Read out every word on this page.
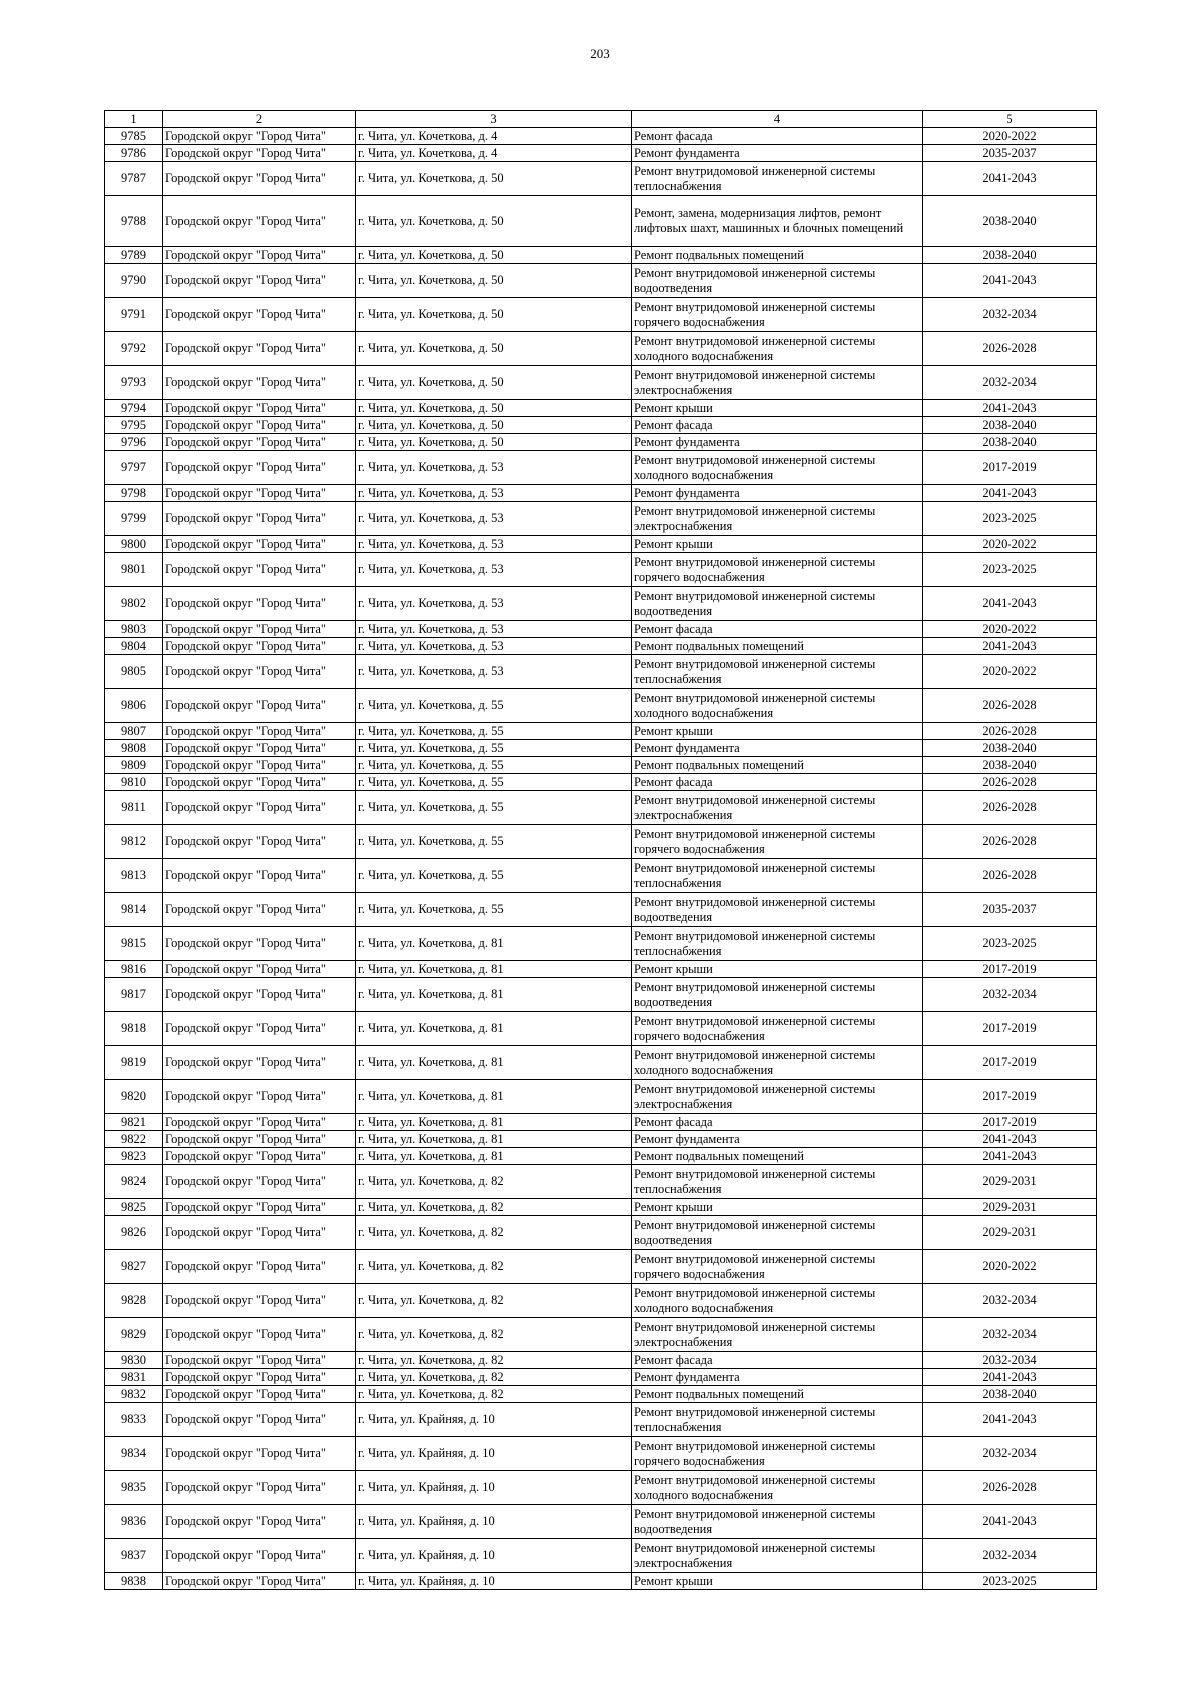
203
1	2	3	4	5
9785	Городской округ "Город Чита"	г. Чита, ул. Кочеткова, д. 4	Ремонт фасада	2020-2022
9786	Городской округ "Город Чита"	г. Чита, ул. Кочеткова, д. 4	Ремонт фундамента	2035-2037
9787	Городской округ "Город Чита"	г. Чита, ул. Кочеткова, д. 50	Ремонт внутридомовой инженерной системы теплоснабжения	2041-2043
9788	Городской округ "Город Чита"	г. Чита, ул. Кочеткова, д. 50	Ремонт, замена, модернизация лифтов, ремонт лифтовых шахт, машинных и блочных помещений	2038-2040
9789	Городской округ "Город Чита"	г. Чита, ул. Кочеткова, д. 50	Ремонт подвальных помещений	2038-2040
9790	Городской округ "Город Чита"	г. Чита, ул. Кочеткова, д. 50	Ремонт внутридомовой инженерной системы водоотведения	2041-2043
9791	Городской округ "Город Чита"	г. Чита, ул. Кочеткова, д. 50	Ремонт внутридомовой инженерной системы горячего водоснабжения	2032-2034
9792	Городской округ "Город Чита"	г. Чита, ул. Кочеткова, д. 50	Ремонт внутридомовой инженерной системы холодного водоснабжения	2026-2028
9793	Городской округ "Город Чита"	г. Чита, ул. Кочеткова, д. 50	Ремонт внутридомовой инженерной системы электроснабжения	2032-2034
9794	Городской округ "Город Чита"	г. Чита, ул. Кочеткова, д. 50	Ремонт крыши	2041-2043
9795	Городской округ "Город Чита"	г. Чита, ул. Кочеткова, д. 50	Ремонт фасада	2038-2040
9796	Городской округ "Город Чита"	г. Чита, ул. Кочеткова, д. 50	Ремонт фундамента	2038-2040
9797	Городской округ "Город Чита"	г. Чита, ул. Кочеткова, д. 53	Ремонт внутридомовой инженерной системы холодного водоснабжения	2017-2019
9798	Городской округ "Город Чита"	г. Чита, ул. Кочеткова, д. 53	Ремонт фундамента	2041-2043
9799	Городской округ "Город Чита"	г. Чита, ул. Кочеткова, д. 53	Ремонт внутридомовой инженерной системы электроснабжения	2023-2025
9800	Городской округ "Город Чита"	г. Чита, ул. Кочеткова, д. 53	Ремонт крыши	2020-2022
9801	Городской округ "Город Чита"	г. Чита, ул. Кочеткова, д. 53	Ремонт внутридомовой инженерной системы горячего водоснабжения	2023-2025
9802	Городской округ "Город Чита"	г. Чита, ул. Кочеткова, д. 53	Ремонт внутридомовой инженерной системы водоотведения	2041-2043
9803	Городской округ "Город Чита"	г. Чита, ул. Кочеткова, д. 53	Ремонт фасада	2020-2022
9804	Городской округ "Город Чита"	г. Чита, ул. Кочеткова, д. 53	Ремонт подвальных помещений	2041-2043
9805	Городской округ "Город Чита"	г. Чита, ул. Кочеткова, д. 53	Ремонт внутридомовой инженерной системы теплоснабжения	2020-2022
9806	Городской округ "Город Чита"	г. Чита, ул. Кочеткова, д. 55	Ремонт внутридомовой инженерной системы холодного водоснабжения	2026-2028
9807	Городской округ "Город Чита"	г. Чита, ул. Кочеткова, д. 55	Ремонт крыши	2026-2028
9808	Городской округ "Город Чита"	г. Чита, ул. Кочеткова, д. 55	Ремонт фундамента	2038-2040
9809	Городской округ "Город Чита"	г. Чита, ул. Кочеткова, д. 55	Ремонт подвальных помещений	2038-2040
9810	Городской округ "Город Чита"	г. Чита, ул. Кочеткова, д. 55	Ремонт фасада	2026-2028
9811	Городской округ "Город Чита"	г. Чита, ул. Кочеткова, д. 55	Ремонт внутридомовой инженерной системы электроснабжения	2026-2028
9812	Городской округ "Город Чита"	г. Чита, ул. Кочеткова, д. 55	Ремонт внутридомовой инженерной системы горячего водоснабжения	2026-2028
9813	Городской округ "Город Чита"	г. Чита, ул. Кочеткова, д. 55	Ремонт внутридомовой инженерной системы теплоснабжения	2026-2028
9814	Городской округ "Город Чита"	г. Чита, ул. Кочеткова, д. 55	Ремонт внутридомовой инженерной системы водоотведения	2035-2037
9815	Городской округ "Город Чита"	г. Чита, ул. Кочеткова, д. 81	Ремонт внутридомовой инженерной системы теплоснабжения	2023-2025
9816	Городской округ "Город Чита"	г. Чита, ул. Кочеткова, д. 81	Ремонт крыши	2017-2019
9817	Городской округ "Город Чита"	г. Чита, ул. Кочеткова, д. 81	Ремонт внутридомовой инженерной системы водоотведения	2032-2034
9818	Городской округ "Город Чита"	г. Чита, ул. Кочеткова, д. 81	Ремонт внутридомовой инженерной системы горячего водоснабжения	2017-2019
9819	Городской округ "Город Чита"	г. Чита, ул. Кочеткова, д. 81	Ремонт внутридомовой инженерной системы холодного водоснабжения	2017-2019
9820	Городской округ "Город Чита"	г. Чита, ул. Кочеткова, д. 81	Ремонт внутридомовой инженерной системы электроснабжения	2017-2019
9821	Городской округ "Город Чита"	г. Чита, ул. Кочеткова, д. 81	Ремонт фасада	2017-2019
9822	Городской округ "Город Чита"	г. Чита, ул. Кочеткова, д. 81	Ремонт фундамента	2041-2043
9823	Городской округ "Город Чита"	г. Чита, ул. Кочеткова, д. 81	Ремонт подвальных помещений	2041-2043
9824	Городской округ "Город Чита"	г. Чита, ул. Кочеткова, д. 82	Ремонт внутридомовой инженерной системы теплоснабжения	2029-2031
9825	Городской округ "Город Чита"	г. Чита, ул. Кочеткова, д. 82	Ремонт крыши	2029-2031
9826	Городской округ "Город Чита"	г. Чита, ул. Кочеткова, д. 82	Ремонт внутридомовой инженерной системы водоотведения	2029-2031
9827	Городской округ "Город Чита"	г. Чита, ул. Кочеткова, д. 82	Ремонт внутридомовой инженерной системы горячего водоснабжения	2020-2022
9828	Городской округ "Город Чита"	г. Чита, ул. Кочеткова, д. 82	Ремонт внутридомовой инженерной системы холодного водоснабжения	2032-2034
9829	Городской округ "Город Чита"	г. Чита, ул. Кочеткова, д. 82	Ремонт внутридомовой инженерной системы электроснабжения	2032-2034
9830	Городской округ "Город Чита"	г. Чита, ул. Кочеткова, д. 82	Ремонт фасада	2032-2034
9831	Городской округ "Город Чита"	г. Чита, ул. Кочеткова, д. 82	Ремонт фундамента	2041-2043
9832	Городской округ "Город Чита"	г. Чита, ул. Кочеткова, д. 82	Ремонт подвальных помещений	2038-2040
9833	Городской округ "Город Чита"	г. Чита, ул. Крайняя, д. 10	Ремонт внутридомовой инженерной системы теплоснабжения	2041-2043
9834	Городской округ "Город Чита"	г. Чита, ул. Крайняя, д. 10	Ремонт внутридомовой инженерной системы горячего водоснабжения	2032-2034
9835	Городской округ "Город Чита"	г. Чита, ул. Крайняя, д. 10	Ремонт внутридомовой инженерной системы холодного водоснабжения	2026-2028
9836	Городской округ "Город Чита"	г. Чита, ул. Крайняя, д. 10	Ремонт внутридомовой инженерной системы водоотведения	2041-2043
9837	Городской округ "Город Чита"	г. Чита, ул. Крайняя, д. 10	Ремонт внутридомовой инженерной системы электроснабжения	2032-2034
9838	Городской округ "Город Чита"	г. Чита, ул. Крайняя, д. 10	Ремонт крыши	2023-2025
